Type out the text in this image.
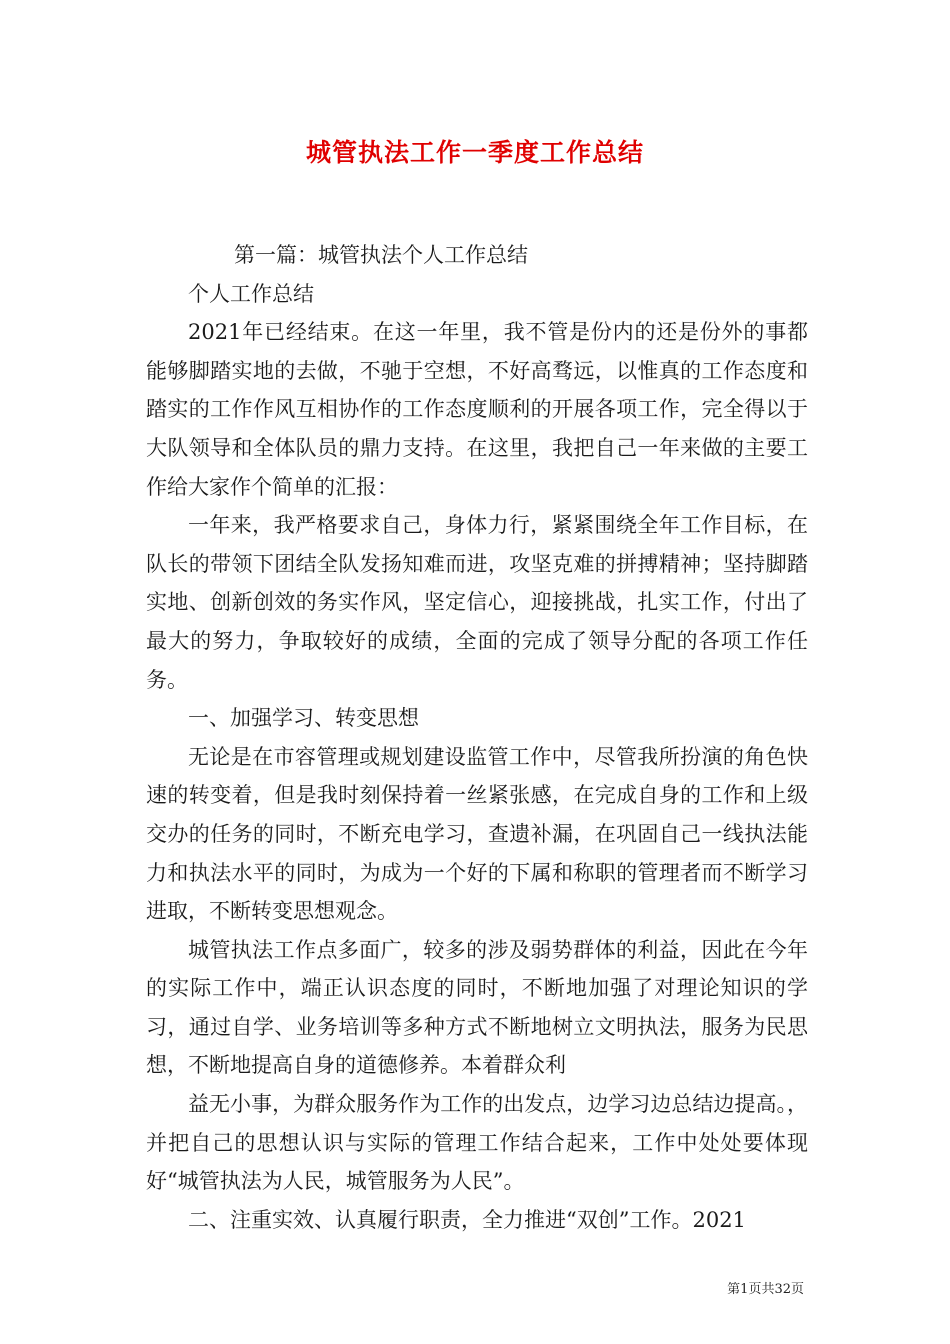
城管执法工作一季度工作总结

第一篇：城管执法个人工作总结

个人工作总结

2021年已经结束。在这一年里，我不管是份内的还是份外的事都能够脚踏实地的去做，不驰于空想，不好高骛远，以惟真的工作态度和踏实的工作作风互相协作的工作态度顺利的开展各项工作，完全得以于大队领导和全体队员的鼎力支持。在这里，我把自己一年来做的主要工作给大家作个简单的汇报：

一年来，我严格要求自己，身体力行，紧紧围绕全年工作目标，在队长的带领下团结全队发扬知难而进，攻坚克难的拼搏精神；坚持脚踏实地、创新创效的务实作风，坚定信心，迎接挑战，扎实工作，付出了最大的努力，争取较好的成绩，全面的完成了领导分配的各项工作任务。

一、加强学习、转变思想

无论是在市容管理或规划建设监管工作中，尽管我所扮演的角色快速的转变着，但是我时刻保持着一丝紧张感，在完成自身的工作和上级交办的任务的同时，不断充电学习，查遗补漏，在巩固自己一线执法能力和执法水平的同时，为成为一个好的下属和称职的管理者而不断学习进取，不断转变思想观念。

城管执法工作点多面广，较多的涉及弱势群体的利益，因此在今年的实际工作中，端正认识态度的同时，不断地加强了对理论知识的学习，通过自学、业务培训等多种方式不断地树立文明执法，服务为民思想，不断地提高自身的道德修养。本着群众利

益无小事，为群众服务作为工作的出发点，边学习边总结边提高。，并把自己的思想认识与实际的管理工作结合起来，工作中处处要体现好“城管执法为人民，城管服务为人民”。

二、注重实效、认真履行职责，全力推进“双创”工作。2021

第1页共32页
